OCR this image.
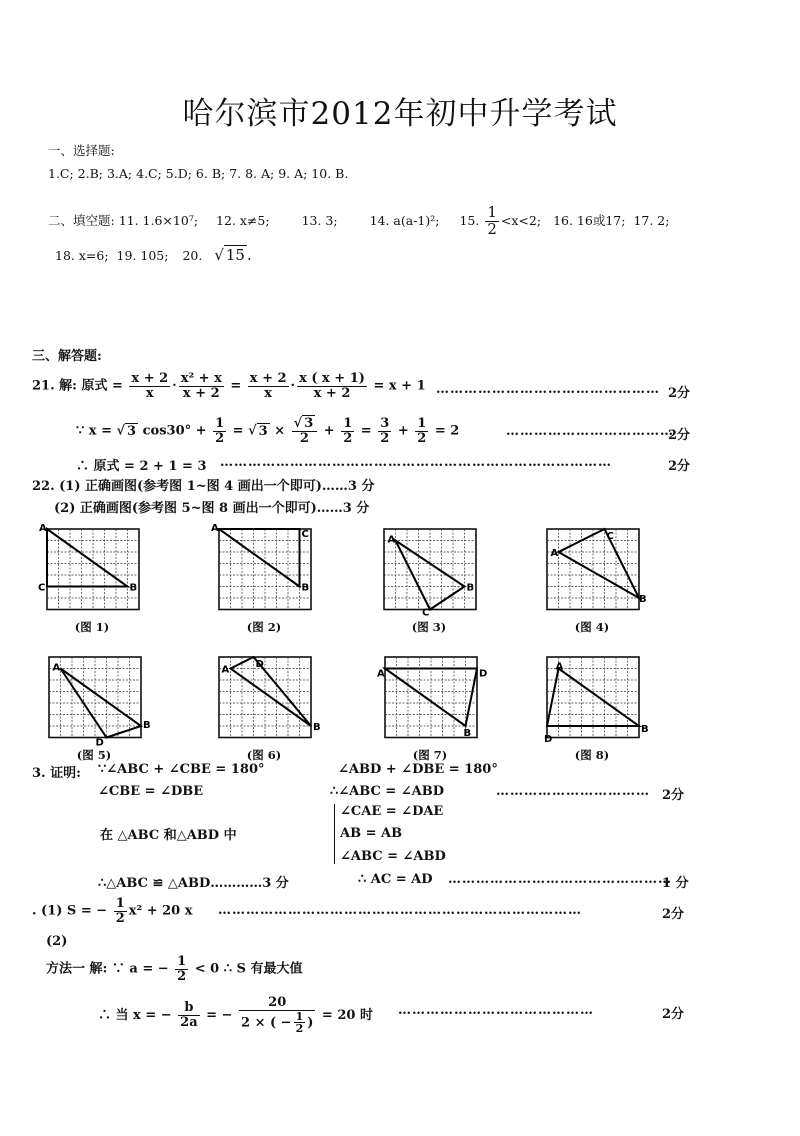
哈尔滨市2012年初中升学考试
一、选择题:
1.C; 2.B; 3.A; 4.C; 5.D; 6. B; 7. 8. A; 9. A; 10. B.
二、填空题: 11. 1.6×10⁷; 12. x≠5;	13. 3;	14. a(a-1)²; 15. $\frac{1}{2} <x<2$; 16. 16或17; 17. 2;
18. x=6; 19. 105; 20. √ 15 .
三、解答题:
21. 解: 原式 = $\frac{x + 2}{x} \cdot \frac{\text{x² + x}}{x + 2} = \frac{x + 2}{x} \cdot \frac{x ( x + 1)}{x + 2} = x + 1$ ………………………………………… 2分
∵ x = √ 3 $\cos 30^\circ + \frac{1}{2}$ = √ $3 \times \frac{√ 3}{2} + \frac{1}{2} = \frac{3}{2} + \frac{1}{2} = 2$	………………………………
2分
∴ 原式 = 2 + 1 = 3 …………………………………………………………………………	2分
22. (1) 正确画图(参考图 1~图 4 画出一个即可)……3 分
(2) 正确画图(参考图 5~图 8 画出一个即可)……3 分
A
B
C
(图 1)
A
C
B
(图 2)
A
B
C
(图 3)
A
C
B
(图 4)
A
B
D
(图 5)
A	D
B
(图 6)
A	D
B
(图 7)
A
B
D
(图 8)
3. 证明: ∵∠ABC + ∠CBE = 180°	∠ABD + ∠DBE = 180°
∠CBE = ∠DBE	∴∠ABC = ∠ABD	…………………………… 2分
在 △ABC 和△ABD 中
∠CAE = ∠DAE
AB = AB
∠ABC = ∠ABD
∴△ABC ≌ △ABD…………3 分	∴ AC = AD …………………………………………
1 分
. (1) S = − $\frac{1}{2} x^2 + 20$ x ……………………………………………………………………	2分
(2)
方法一 解: ∵ a = − $\frac{1}{2} < 0$ ∴ S 有最大值
∴ 当 x = − $\frac{b}{2a}$ = − $\frac{20}{2 \times ( - \frac{1}{2} )} = 20$ 时 ……………………………………	2分
